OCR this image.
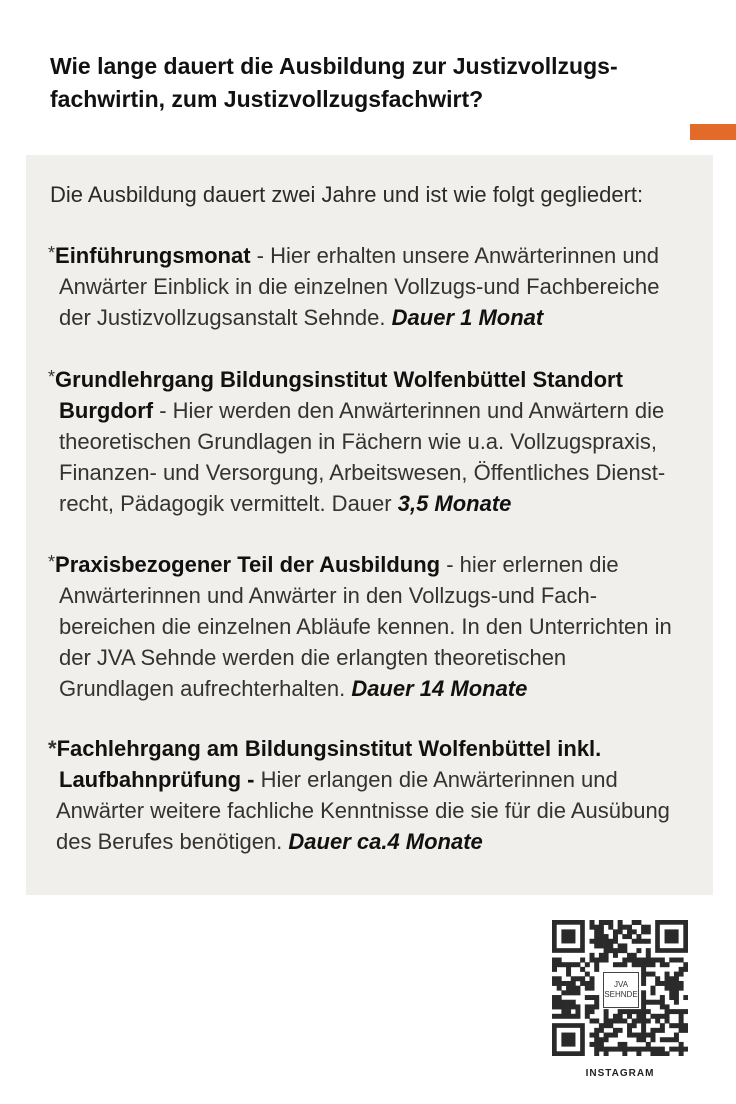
Wie lange dauert die Ausbildung zur Justizvollzugs-
fachwirtin, zum Justizvollzugsfachwirt?
Die Ausbildung dauert zwei Jahre und ist wie folgt gegliedert:
*Einführungsmonat - Hier erhalten unsere Anwärterinnen und
Anwärter Einblick in die einzelnen Vollzugs-und Fachbereiche
der Justizvollzugsanstalt Sehnde. Dauer 1 Monat
*Grundlehrgang Bildungsinstitut Wolfenbüttel Standort
Burgdorf - Hier werden den Anwärterinnen und Anwärtern die
theoretischen Grundlagen in Fächern wie u.a. Vollzugspraxis,
Finanzen- und Versorgung, Arbeitswesen, Öffentliches Dienst-
recht, Pädagogik vermittelt. Dauer 3,5 Monate
*Praxisbezogener Teil der Ausbildung - hier erlernen die
Anwärterinnen und Anwärter in den Vollzugs-und Fach-
bereichen die einzelnen Abläufe kennen. In den Unterrichten in
der JVA Sehnde werden die erlangten theoretischen
Grundlagen aufrechterhalten. Dauer 14 Monate
*Fachlehrgang am Bildungsinstitut Wolfenbüttel inkl.
Laufbahnprüfung - Hier erlangen die Anwärterinnen und
Anwärter weitere fachliche Kenntnisse die sie für die Ausübung
des Berufes benötigen. Dauer ca.4 Monate
JVA
SEHNDE
INSTAGRAM
